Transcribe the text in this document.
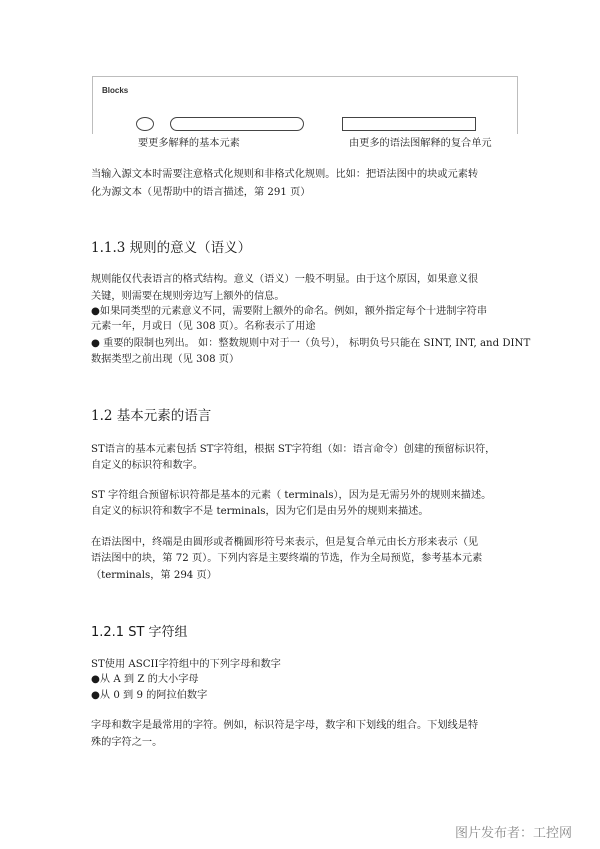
Blocks
要更多解释的基本元素	由更多的语法图解释的复合单元
当输入源文本时需要注意格式化规则和非格式化规则。比如：把语法图中的块或元素转
化为源文本（见帮助中的语言描述，第 291 页）
1.1.3 规则的意义（语义）
规则能仅代表语言的格式结构。意义（语义）一般不明显。由于这个原因，如果意义很
关键，则需要在规则旁边写上额外的信息。
●如果同类型的元素意义不同，需要附上额外的命名。例如，额外指定每个十进制字符串
元素一年，月或日（见 308 页）。名称表示了用途
● 重要的限制也列出。 如：整数规则中对于一（负号）， 标明负号只能在 SINT, INT, and DINT
数据类型之前出现（见 308 页）
1.2 基本元素的语言
ST语言的基本元素包括 ST字符组，根据 ST字符组（如：语言命令）创建的预留标识符，
自定义的标识符和数字。
ST 字符组合预留标识符都是基本的元素（ terminals），因为是无需另外的规则来描述。
自定义的标识符和数字不是 terminals，因为它们是由另外的规则来描述。
在语法图中，终端是由圆形或者椭圆形符号来表示，但是复合单元由长方形来表示（见
语法图中的块，第 72 页）。下列内容是主要终端的节选，作为全局预览，参考基本元素
（terminals，第 294 页）
1.2.1 ST 字符组
ST使用 ASCII字符组中的下列字母和数字
●从 A 到 Z 的大小字母
●从 0 到 9 的阿拉伯数字
字母和数字是最常用的字符。例如，标识符是字母，数字和下划线的组合。下划线是特
殊的字符之一。
图片发布者：工控网
